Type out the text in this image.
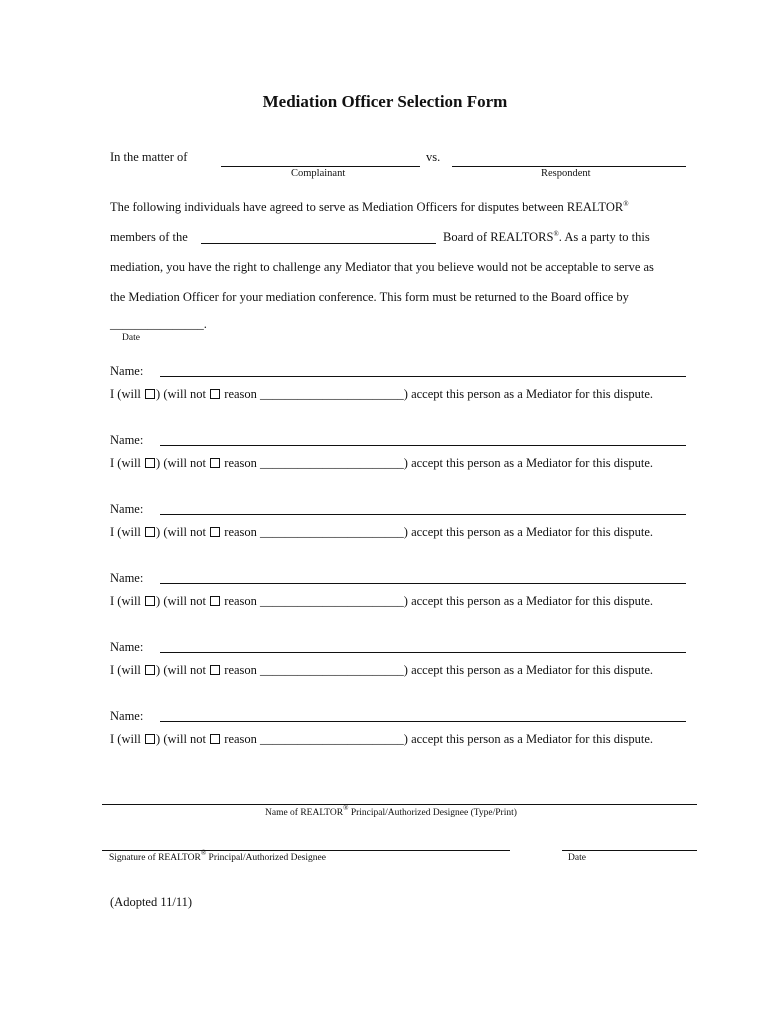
Mediation Officer Selection Form
In the matter of	vs.
Complainant	Respondent
The following individuals have agreed to serve as Mediation Officers for disputes between REALTOR®
members of the	Board of REALTORS®. As a party to this
mediation, you have the right to challenge any Mediator that you believe would not be acceptable to serve as
the Mediation Officer for your mediation conference. This form must be returned to the Board office by
_______________.
Date
Name:
I (will ) (will not reason _______________________) accept this person as a Mediator for this dispute.
Name:
I (will ) (will not reason _______________________) accept this person as a Mediator for this dispute.
Name:
I (will ) (will not reason _______________________) accept this person as a Mediator for this dispute.
Name:
I (will ) (will not reason _______________________) accept this person as a Mediator for this dispute.
Name:
I (will ) (will not reason _______________________) accept this person as a Mediator for this dispute.
Name:
I (will ) (will not reason _______________________) accept this person as a Mediator for this dispute.
Name of REALTOR® Principal/Authorized Designee (Type/Print)
Signature of REALTOR® Principal/Authorized Designee	Date
(Adopted 11/11)
